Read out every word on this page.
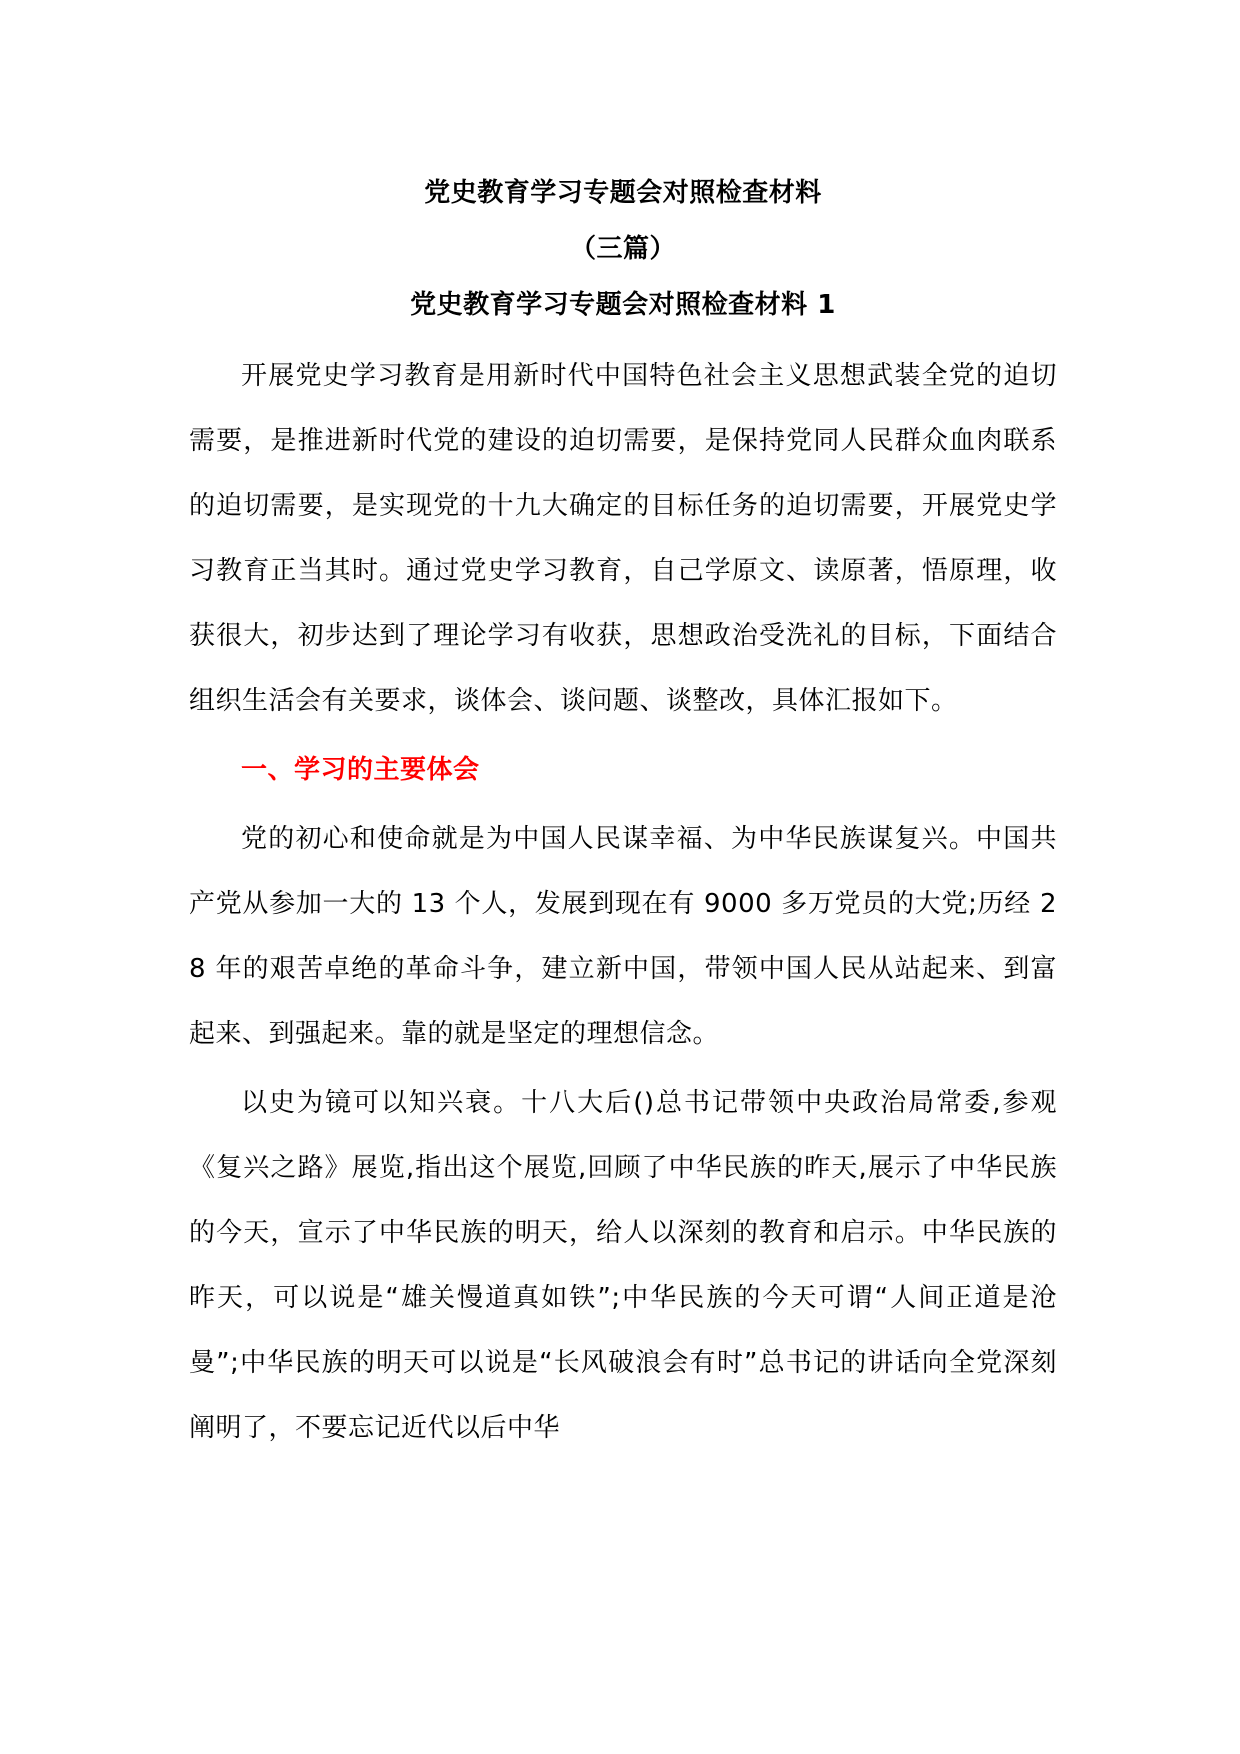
党史教育学习专题会对照检查材料
（三篇）
党史教育学习专题会对照检查材料 1

开展党史学习教育是用新时代中国特色社会主义思想武装全党的迫切需要，是推进新时代党的建设的迫切需要，是保持党同人民群众血肉联系的迫切需要，是实现党的十九大确定的目标任务的迫切需要，开展党史学习教育正当其时。通过党史学习教育，自己学原文、读原著，悟原理，收获很大，初步达到了理论学习有收获，思想政治受洗礼的目标，下面结合组织生活会有关要求，谈体会、谈问题、谈整改，具体汇报如下。

一、学习的主要体会

党的初心和使命就是为中国人民谋幸福、为中华民族谋复兴。中国共产党从参加一大的 13 个人，发展到现在有 9000 多万党员的大党;历经 28 年的艰苦卓绝的革命斗争，建立新中国，带领中国人民从站起来、到富起来、到强起来。靠的就是坚定的理想信念。

以史为镜可以知兴衰。十八大后()总书记带领中央政治局常委,参观《复兴之路》展览,指出这个展览,回顾了中华民族的昨天,展示了中华民族的今天，宣示了中华民族的明天，给人以深刻的教育和启示。中华民族的昨天，可以说是“雄关慢道真如铁”;中华民族的今天可谓“人间正道是沧曼”;中华民族的明天可以说是“长风破浪会有时”总书记的讲话向全党深刻阐明了，不要忘记近代以后中华
